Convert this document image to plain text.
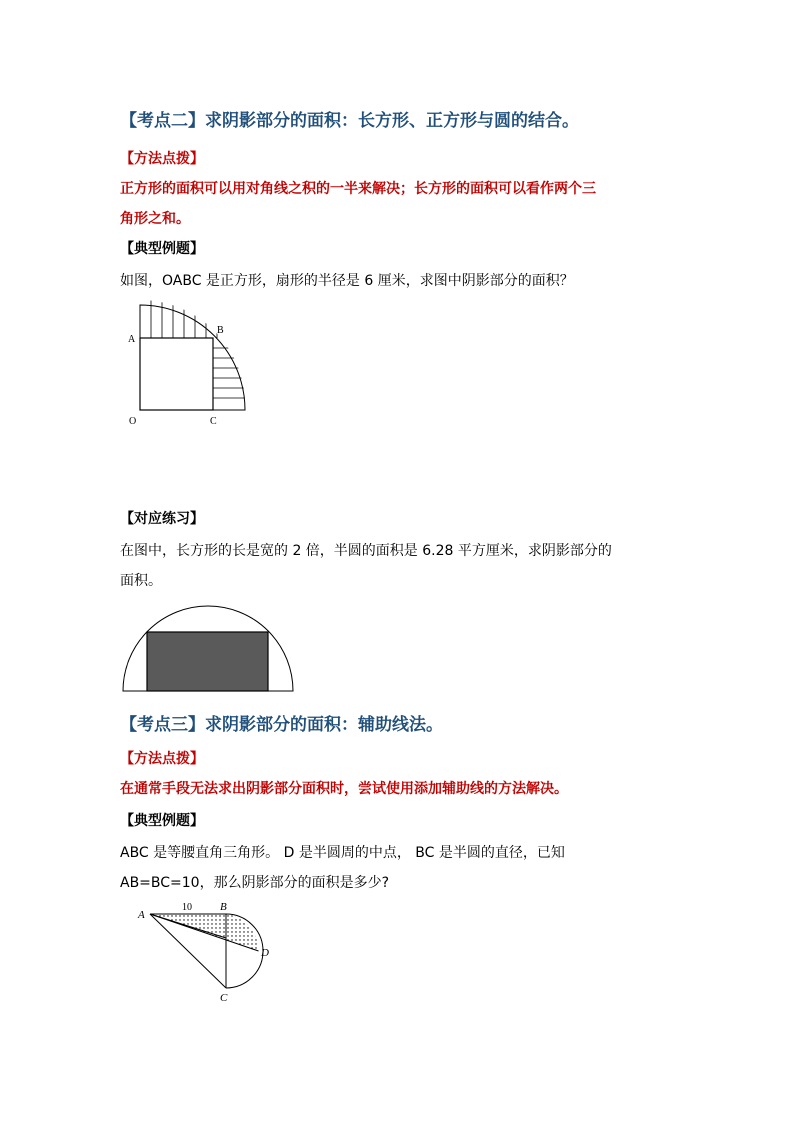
【考点二】求阴影部分的面积：长方形、正方形与圆的结合。
【方法点拨】
正方形的面积可以用对角线之积的一半来解决；长方形的面积可以看作两个三
角形之和。
【典型例题】
如图，OABC 是正方形，扇形的半径是 6 厘米，求图中阴影部分的面积？
A
B
O	C
【对应练习】
在图中，长方形的长是宽的 2 倍，半圆的面积是 6.28 平方厘米，求阴影部分的
面积。
【考点三】求阴影部分的面积：辅助线法。
【方法点拨】
在通常手段无法求出阴影部分面积时，尝试使用添加辅助线的方法解决。
【典型例题】
ABC 是等腰直角三角形。 D 是半圆周的中点， BC 是半圆的直径，已知
AB=BC=10，那么阴影部分的面积是多少?
A
10	B
D
C
